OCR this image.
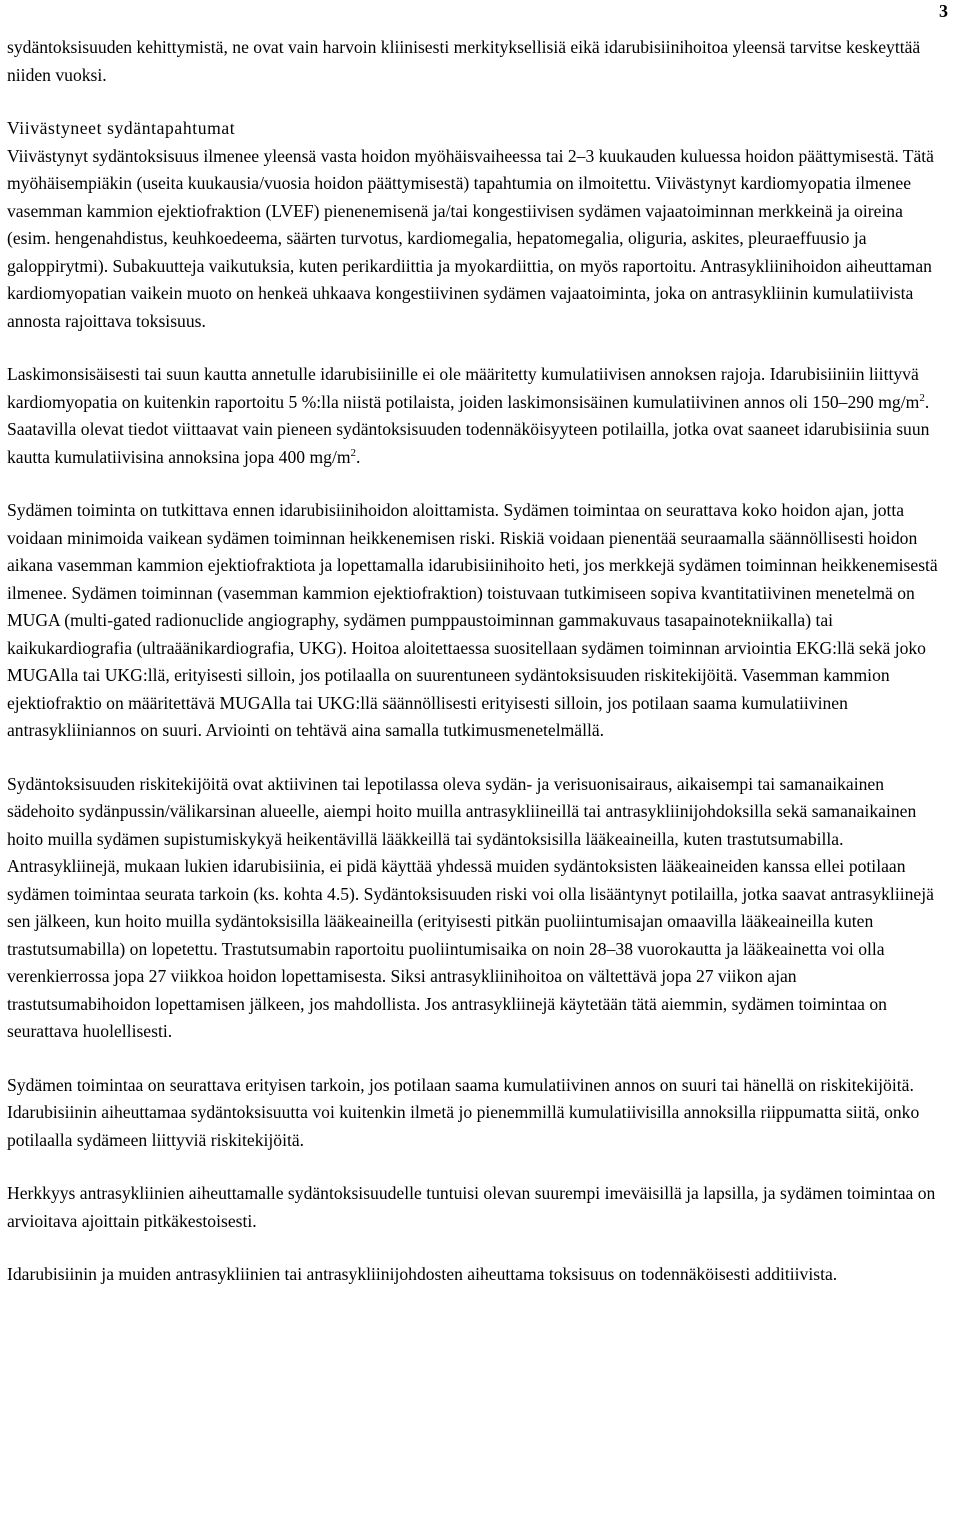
3

sydäntoksisuuden kehittymistä, ne ovat vain harvoin kliinisesti merkityksellisiä eikä idarubisiinihoitoa yleensä tarvitse keskeyttää niiden vuoksi.

Viivästyneet sydäntapahtumat

Viivästynyt sydäntoksisuus ilmenee yleensä vasta hoidon myöhäisvaiheessa tai 2–3 kuukauden kuluessa hoidon päättymisestä. Tätä myöhäisempiäkin (useita kuukausia/vuosia hoidon päättymisestä) tapahtumia on ilmoitettu. Viivästynyt kardiomyopatia ilmenee vasemman kammion ejektiofraktion (LVEF) pienenemisenä ja/tai kongestiivisen sydämen vajaatoiminnan merkkeinä ja oireina (esim. hengenahdistus, keuhkoedeema, säärten turvotus, kardiomegalia, hepatomegalia, oliguria, askites, pleuraeffuusio ja galoppirytmi). Subakuutteja vaikutuksia, kuten perikardiittia ja myokardiittia, on myös raportoitu. Antrasykliinihoidon aiheuttaman kardiomyopatian vaikein muoto on henkeä uhkaava kongestiivinen sydämen vajaatoiminta, joka on antrasykliinin kumulatiivista annosta rajoittava toksisuus.

Laskimonsisäisesti tai suun kautta annetulle idarubisiinille ei ole määritetty kumulatiivisen annoksen rajoja. Idarubisiiniin liittyvä kardiomyopatia on kuitenkin raportoitu 5 %:lla niistä potilaista, joiden laskimonsisäinen kumulatiivinen annos oli 150–290 $mg/m^2$. Saatavilla olevat tiedot viittaavat vain pieneen sydäntoksisuuden todennäköisyyteen potilailla, jotka ovat saaneet idarubisiinia suun kautta kumulatiivisina annoksina jopa 400 $mg/m^2$.

Sydämen toiminta on tutkittava ennen idarubisiinihoidon aloittamista. Sydämen toimintaa on seurattava koko hoidon ajan, jotta voidaan minimoida vaikean sydämen toiminnan heikkenemisen riski. Riskiä voidaan pienentää seuraamalla säännöllisesti hoidon aikana vasemman kammion ejektiofraktiota ja lopettamalla idarubisiinihoito heti, jos merkkejä sydämen toiminnan heikkenemisestä ilmenee. Sydämen toiminnan (vasemman kammion ejektiofraktion) toistuvaan tutkimiseen sopiva kvantitatiivinen menetelmä on MUGA (multi-gated radionuclide angiography, sydämen pumppaustoiminnan gammakuvaus tasapainotekniikalla) tai kaikukardiografia (ultraäänikardiografia, UKG). Hoitoa aloitettaessa suositellaan sydämen toiminnan arviointia EKG:llä sekä joko MUGAlla tai UKG:llä, erityisesti silloin, jos potilaalla on suurentuneen sydäntoksisuuden riskitekijöitä. Vasemman kammion ejektiofraktio on määritettävä MUGAlla tai UKG:llä säännöllisesti erityisesti silloin, jos potilaan saama kumulatiivinen antrasykliiniannos on suuri. Arviointi on tehtävä aina samalla tutkimusmenetelmällä.

Sydäntoksisuuden riskitekijöitä ovat aktiivinen tai lepotilassa oleva sydän- ja verisuonisairaus, aikaisempi tai samanaikainen sädehoito sydänpussin/välikarsinan alueelle, aiempi hoito muilla antrasykliineillä tai antrasykliinijohdoksilla sekä samanaikainen hoito muilla sydämen supistumiskykyä heikentävillä lääkkeillä tai sydäntoksisilla lääkeaineilla, kuten trastutsumabilla. Antrasykliinejä, mukaan lukien idarubisiinia, ei pidä käyttää yhdessä muiden sydäntoksisten lääkeaineiden kanssa ellei potilaan sydämen toimintaa seurata tarkoin (ks. kohta 4.5). Sydäntoksisuuden riski voi olla lisääntynyt potilailla, jotka saavat antrasykliinejä sen jälkeen, kun hoito muilla sydäntoksisilla lääkeaineilla (erityisesti pitkän puoliintumisajan omaavilla lääkeaineilla kuten trastutsumabilla) on lopetettu. Trastutsumabin raportoitu puoliintumisaika on noin 28–38 vuorokautta ja lääkeainetta voi olla verenkierrossa jopa 27 viikkoa hoidon lopettamisesta. Siksi antrasykliinihoitoa on vältettävä jopa 27 viikon ajan trastutsumabihoidon lopettamisen jälkeen, jos mahdollista. Jos antrasykliinejä käytetään tätä aiemmin, sydämen toimintaa on seurattava huolellisesti.

Sydämen toimintaa on seurattava erityisen tarkoin, jos potilaan saama kumulatiivinen annos on suuri tai hänellä on riskitekijöitä. Idarubisiinin aiheuttamaa sydäntoksisuutta voi kuitenkin ilmetä jo pienemmillä kumulatiivisilla annoksilla riippumatta siitä, onko potilaalla sydämeen liittyviä riskitekijöitä.

Herkkyys antrasykliinien aiheuttamalle sydäntoksisuudelle tuntuisi olevan suurempi imeväisillä ja lapsilla, ja sydämen toimintaa on arvioitava ajoittain pitkäkestoisesti.

Idarubisiinin ja muiden antrasykliinien tai antrasykliinijohdosten aiheuttama toksisuus on todennäköisesti additiivista.
